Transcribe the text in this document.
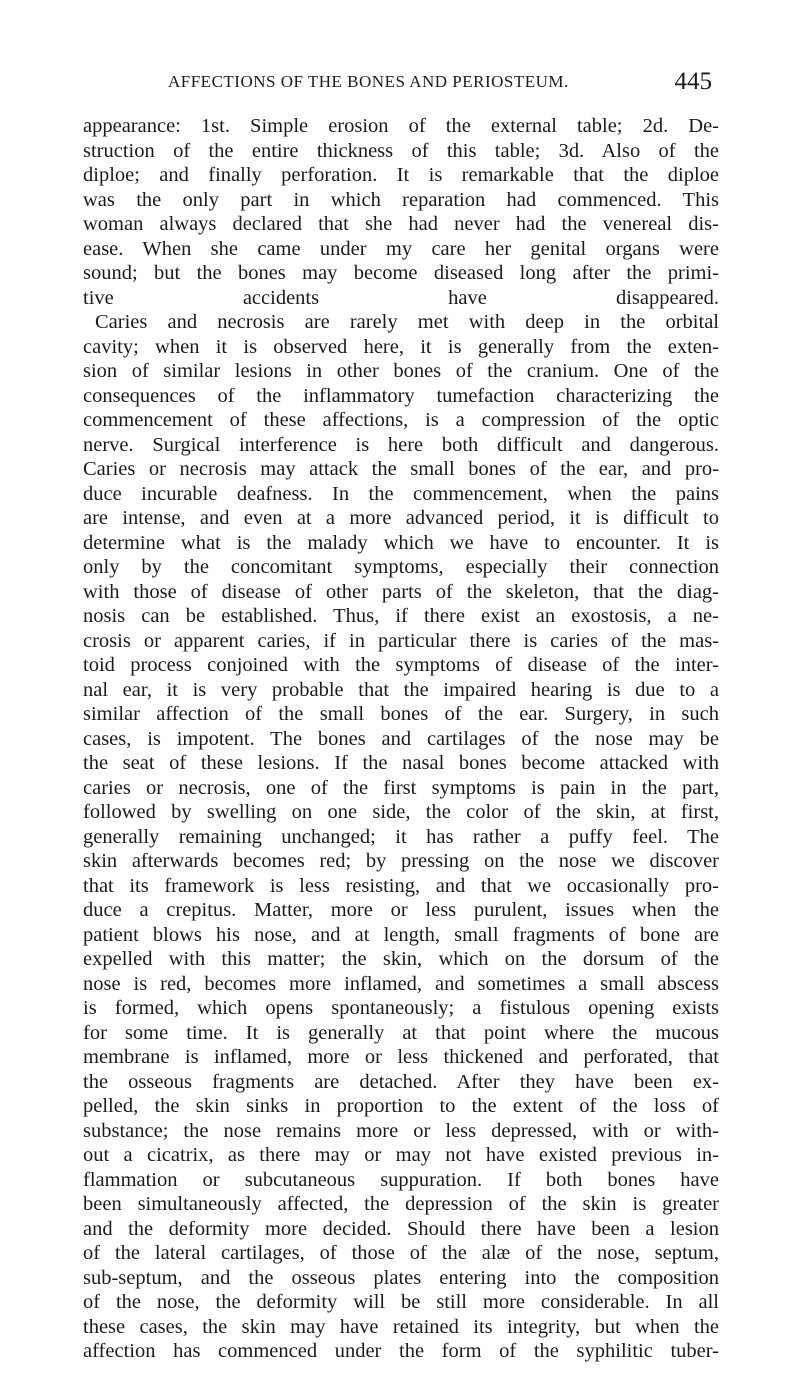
AFFECTIONS OF THE BONES AND PERIOSTEUM.	445
appearance: 1st. Simple erosion of the external table; 2d. De-
struction of the entire thickness of this table; 3d. Also of the
diploe; and finally perforation. It is remarkable that the diploe
was the only part in which reparation had commenced. This
woman always declared that she had never had the venereal dis-
ease. When she came under my care her genital organs were
sound; but the bones may become diseased long after the primi-
tive accidents have disappeared.
Caries and necrosis are rarely met with deep in the orbital
cavity; when it is observed here, it is generally from the exten-
sion of similar lesions in other bones of the cranium. One of the
consequences of the inflammatory tumefaction characterizing the
commencement of these affections, is a compression of the optic
nerve. Surgical interference is here both difficult and dangerous.
Caries or necrosis may attack the small bones of the ear, and pro-
duce incurable deafness. In the commencement, when the pains
are intense, and even at a more advanced period, it is difficult to
determine what is the malady which we have to encounter. It is
only by the concomitant symptoms, especially their connection
with those of disease of other parts of the skeleton, that the diag-
nosis can be established. Thus, if there exist an exostosis, a ne-
crosis or apparent caries, if in particular there is caries of the mas-
toid process conjoined with the symptoms of disease of the inter-
nal ear, it is very probable that the impaired hearing is due to a
similar affection of the small bones of the ear. Surgery, in such
cases, is impotent. The bones and cartilages of the nose may be
the seat of these lesions. If the nasal bones become attacked with
caries or necrosis, one of the first symptoms is pain in the part,
followed by swelling on one side, the color of the skin, at first,
generally remaining unchanged; it has rather a puffy feel. The
skin afterwards becomes red; by pressing on the nose we discover
that its framework is less resisting, and that we occasionally pro-
duce a crepitus. Matter, more or less purulent, issues when the
patient blows his nose, and at length, small fragments of bone are
expelled with this matter; the skin, which on the dorsum of the
nose is red, becomes more inflamed, and sometimes a small abscess
is formed, which opens spontaneously; a fistulous opening exists
for some time. It is generally at that point where the mucous
membrane is inflamed, more or less thickened and perforated, that
the osseous fragments are detached. After they have been ex-
pelled, the skin sinks in proportion to the extent of the loss of
substance; the nose remains more or less depressed, with or with-
out a cicatrix, as there may or may not have existed previous in-
flammation or subcutaneous suppuration. If both bones have
been simultaneously affected, the depression of the skin is greater
and the deformity more decided. Should there have been a lesion
of the lateral cartilages, of those of the alæ of the nose, septum,
sub-septum, and the osseous plates entering into the composition
of the nose, the deformity will be still more considerable. In all
these cases, the skin may have retained its integrity, but when the
affection has commenced under the form of the syphilitic tuber-
